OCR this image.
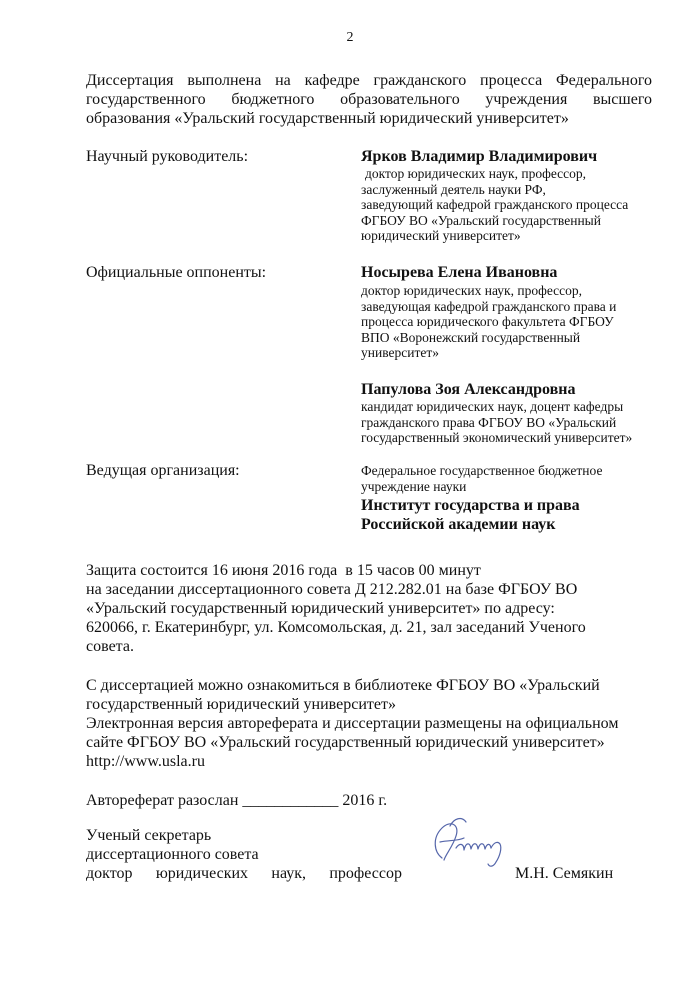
2
Диссертация выполнена на кафедре гражданского процесса Федерального
государственного бюджетного образовательного учреждения высшего
образования «Уральский государственный юридический университет»
Научный руководитель:	Ярков Владимир Владимирович
доктор юридических наук, профессор,
заслуженный деятель науки РФ,
заведующий кафедрой гражданского процесса
ФГБОУ ВО «Уральский государственный
юридический университет»
Официальные оппоненты:	Носырева Елена Ивановна
доктор юридических наук, профессор,
заведующая кафедрой гражданского права и
процесса юридического факультета ФГБОУ
ВПО «Воронежский государственный
университет»
Папулова Зоя Александровна
кандидат юридических наук, доцент кафедры
гражданского права ФГБОУ ВО «Уральский
государственный экономический университет»
Ведущая организация:	Федеральное государственное бюджетное
учреждение науки
Институт государства и права
Российской академии наук
Защита состоится 16 июня 2016 года  в 15 часов 00 минут
на заседании диссертационного совета Д 212.282.01 на базе ФГБОУ ВО
«Уральский государственный юридический университет» по адресу:
620066, г. Екатеринбург, ул. Комсомольская, д. 21, зал заседаний Ученого
совета.
С диссертацией можно ознакомиться в библиотеке ФГБОУ ВО «Уральский
государственный юридический университет»
Электронная версия автореферата и диссертации размещены на официальном
сайте ФГБОУ ВО «Уральский государственный юридический университет»
http://www.usla.ru
Автореферат разослан ____________ 2016 г.
Ученый секретарь
диссертационного совета
доктор юридических наук, профессор	М.Н. Семякин
